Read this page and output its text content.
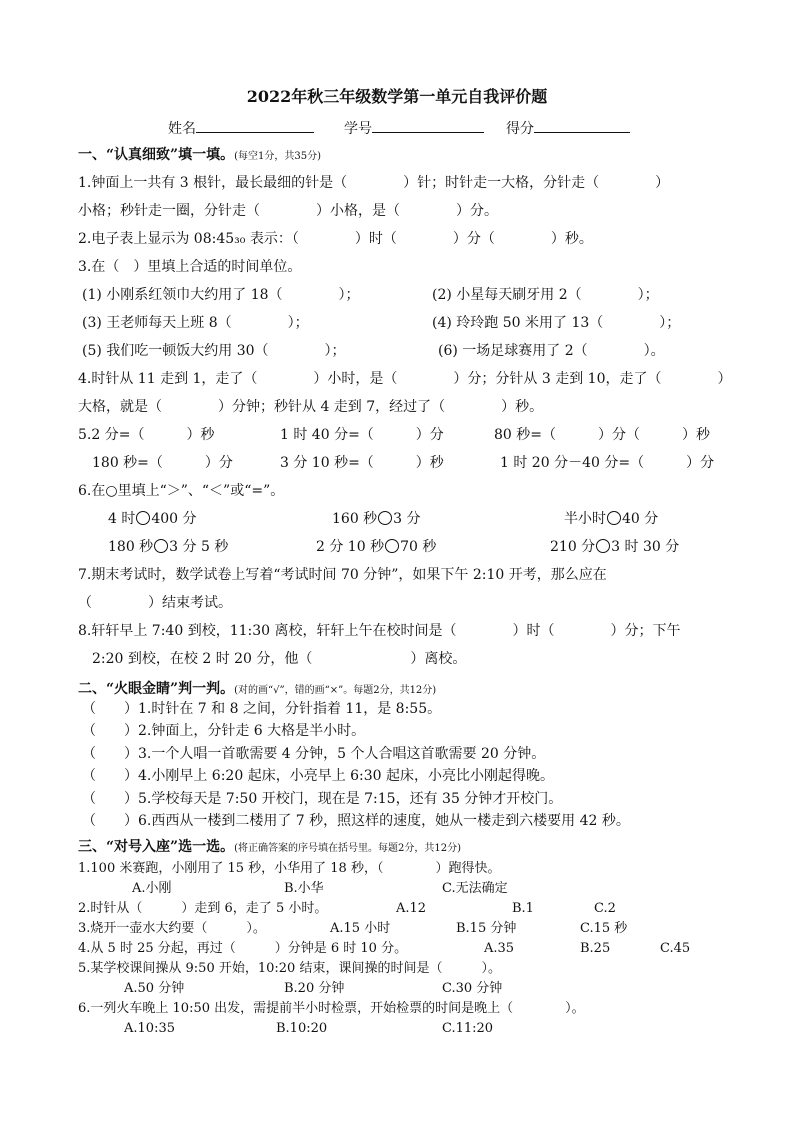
2022年秋三年级数学第一单元自我评价题
姓名	学号	得分
一、“认真细致”填一填。(每空1分，共35分)
1.钟面上一共有 3 根针，最长最细的针是（　　　　）针；时针走一大格，分针走（　　　　）
小格；秒针走一圈，分针走（　　　　）小格，是（　　　　）分。
2.电子表上显示为 08:45₃₀ 表示：（　　　　）时（　　　　）分（　　　　）秒。
3.在（　）里填上合适的时间单位。
(1) 小刚系红领巾大约用了 18（　　　　）；	(2) 小星每天刷牙用 2（　　　　）；
(3) 王老师每天上班 8（　　　　）；	(4) 玲玲跑 50 米用了 13（　　　　）；
(5) 我们吃一顿饭大约用 30（　　　　）；	(6) 一场足球赛用了 2（　　　　）。
4.时针从 11 走到 1，走了（　　　　）小时，是（　　　　）分；分针从 3 走到 10，走了（　　　　）
大格，就是（　　　　）分钟；秒针从 4 走到 7，经过了（　　　　）秒。
5.2 分=（　　　）秒	1 时 40 分=（　　　）分	80 秒=（　　　）分（　　　）秒
180 秒=（　　　）分	3 分 10 秒=（　　　）秒	1 时 20 分－40 分=（　　　）分
6.在○里填上“＞”、“＜”或“=”。
4 时 400 分	160 秒 3 分	半小时 40 分
180 秒 3 分 5 秒	2 分 10 秒 70 秒	210 分 3 时 30 分
7.期末考试时，数学试卷上写着“考试时间 70 分钟”，如果下午 2:10 开考，那么应在
（　　　　）结束考试。
8.轩轩早上 7:40 到校，11:30 离校，轩轩上午在校时间是（　　　　）时（　　　　）分；下午
2:20 到校，在校 2 时 20 分，他（　　　　　　　）离校。
二、“火眼金睛”判一判。(对的画“√”，错的画“×”。每题2分，共12分)
（　　）1.时针在 7 和 8 之间，分针指着 11，是 8:55。
（　　）2.钟面上，分针走 6 大格是半小时。
（　　）3.一个人唱一首歌需要 4 分钟，5 个人合唱这首歌需要 20 分钟。
（　　）4.小刚早上 6:20 起床，小亮早上 6:30 起床，小亮比小刚起得晚。
（　　）5.学校每天是 7:50 开校门，现在是 7:15，还有 35 分钟才开校门。
（　　）6.西西从一楼到二楼用了 7 秒，照这样的速度，她从一楼走到六楼要用 42 秒。
三、“对号入座”选一选。(将正确答案的序号填在括号里。每题2分，共12分)
1.100 米赛跑，小刚用了 15 秒，小华用了 18 秒，（　　　　）跑得快。
A.小刚	B.小华	C.无法确定
2.时针从（　　　）走到 6，走了 5 小时。	A.12	B.1	C.2
3.烧开一壶水大约要（　　　）。	A.15 小时	B.15 分钟	C.15 秒
4.从 5 时 25 分起，再过（　　　）分钟是 6 时 10 分。	A.35	B.25	C.45
5.某学校课间操从 9:50 开始，10:20 结束，课间操的时间是（　　　）。
A.50 分钟	B.20 分钟	C.30 分钟
6.一列火车晚上 10:50 出发，需提前半小时检票，开始检票的时间是晚上（　　　　）。
A.10:35	B.10:20	C.11:20
